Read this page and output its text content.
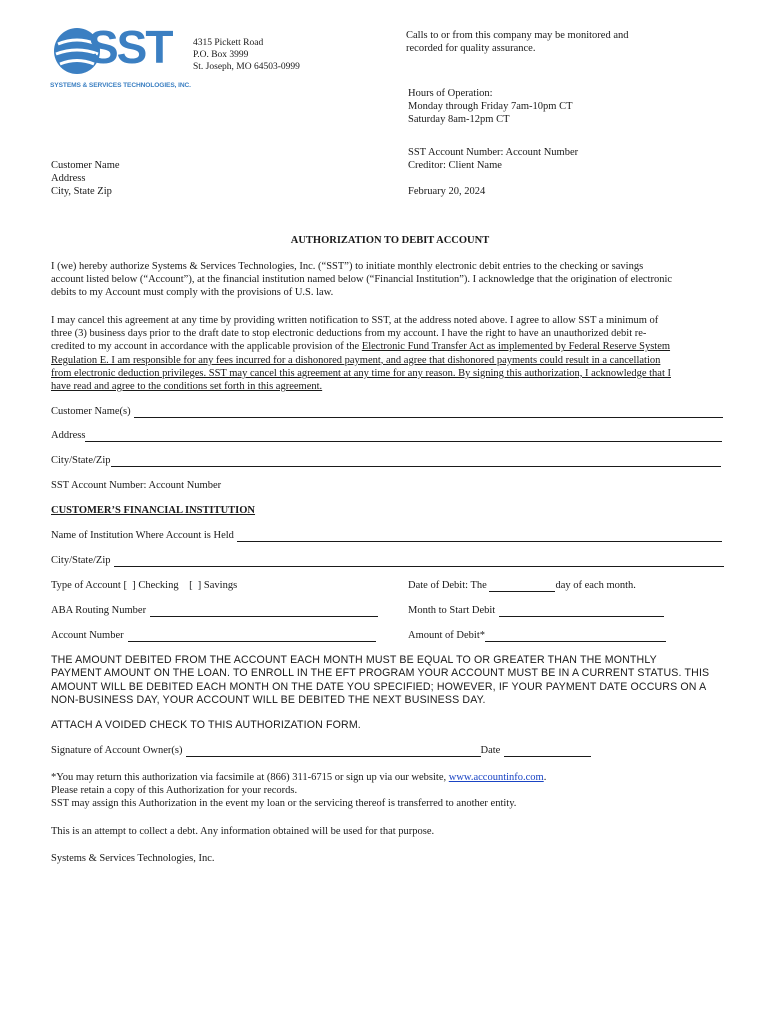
SST
SYSTEMS & SERVICES TECHNOLOGIES, INC.
4315 Pickett Road
P.O. Box 3999
St. Joseph, MO 64503-0999
Calls to or from this company may be monitored and
recorded for quality assurance.
Hours of Operation:
Monday through Friday 7am-10pm CT
Saturday 8am-12pm CT
SST Account Number: Account Number
Creditor: Client Name
February 20, 2024
Customer Name
Address
City, State Zip
AUTHORIZATION TO DEBIT ACCOUNT
I (we) hereby authorize Systems & Services Technologies, Inc. (“SST”) to initiate monthly electronic debit entries to the checking or savings
account listed below (“Account”), at the financial institution named below (“Financial Institution”). I acknowledge that the origination of electronic
debits to my Account must comply with the provisions of U.S. law.
I may cancel this agreement at any time by providing written notification to SST, at the address noted above. I agree to allow SST a minimum of
three (3) business days prior to the draft date to stop electronic deductions from my account. I have the right to have an unauthorized debit re-
credited to my account in accordance with the applicable provision of the Electronic Fund Transfer Act as implemented by Federal Reserve System
Regulation E. I am responsible for any fees incurred for a dishonored payment, and agree that dishonored payments could result in a cancellation
from electronic deduction privileges. SST may cancel this agreement at any time for any reason. By signing this authorization, I acknowledge that I
have read and agree to the conditions set forth in this agreement.
Customer Name(s)
Address
City/State/Zip
SST Account Number: Account Number
CUSTOMER’S FINANCIAL INSTITUTION
Name of Institution Where Account is Held
City/State/Zip
Type of Account [  ] Checking    [  ] Savings
ABA Routing Number
Account Number
Date of Debit: The	day of each month.
Month to Start Debit
Amount of Debit*
THE AMOUNT DEBITED FROM THE ACCOUNT EACH MONTH MUST BE EQUAL TO OR GREATER THAN THE MONTHLY
PAYMENT AMOUNT ON THE LOAN. TO ENROLL IN THE EFT PROGRAM YOUR ACCOUNT MUST BE IN A CURRENT STATUS. THIS
AMOUNT WILL BE DEBITED EACH MONTH ON THE DATE YOU SPECIFIED; HOWEVER, IF YOUR PAYMENT DATE OCCURS ON A
NON-BUSINESS DAY, YOUR ACCOUNT WILL BE DEBITED THE NEXT BUSINESS DAY.
ATTACH A VOIDED CHECK TO THIS AUTHORIZATION FORM.
Signature of Account Owner(s)	Date
*You may return this authorization via facsimile at (866) 311-6715 or sign up via our website, www.accountinfo.com.
Please retain a copy of this Authorization for your records.
SST may assign this Authorization in the event my loan or the servicing thereof is transferred to another entity.
This is an attempt to collect a debt. Any information obtained will be used for that purpose.
Systems & Services Technologies, Inc.
